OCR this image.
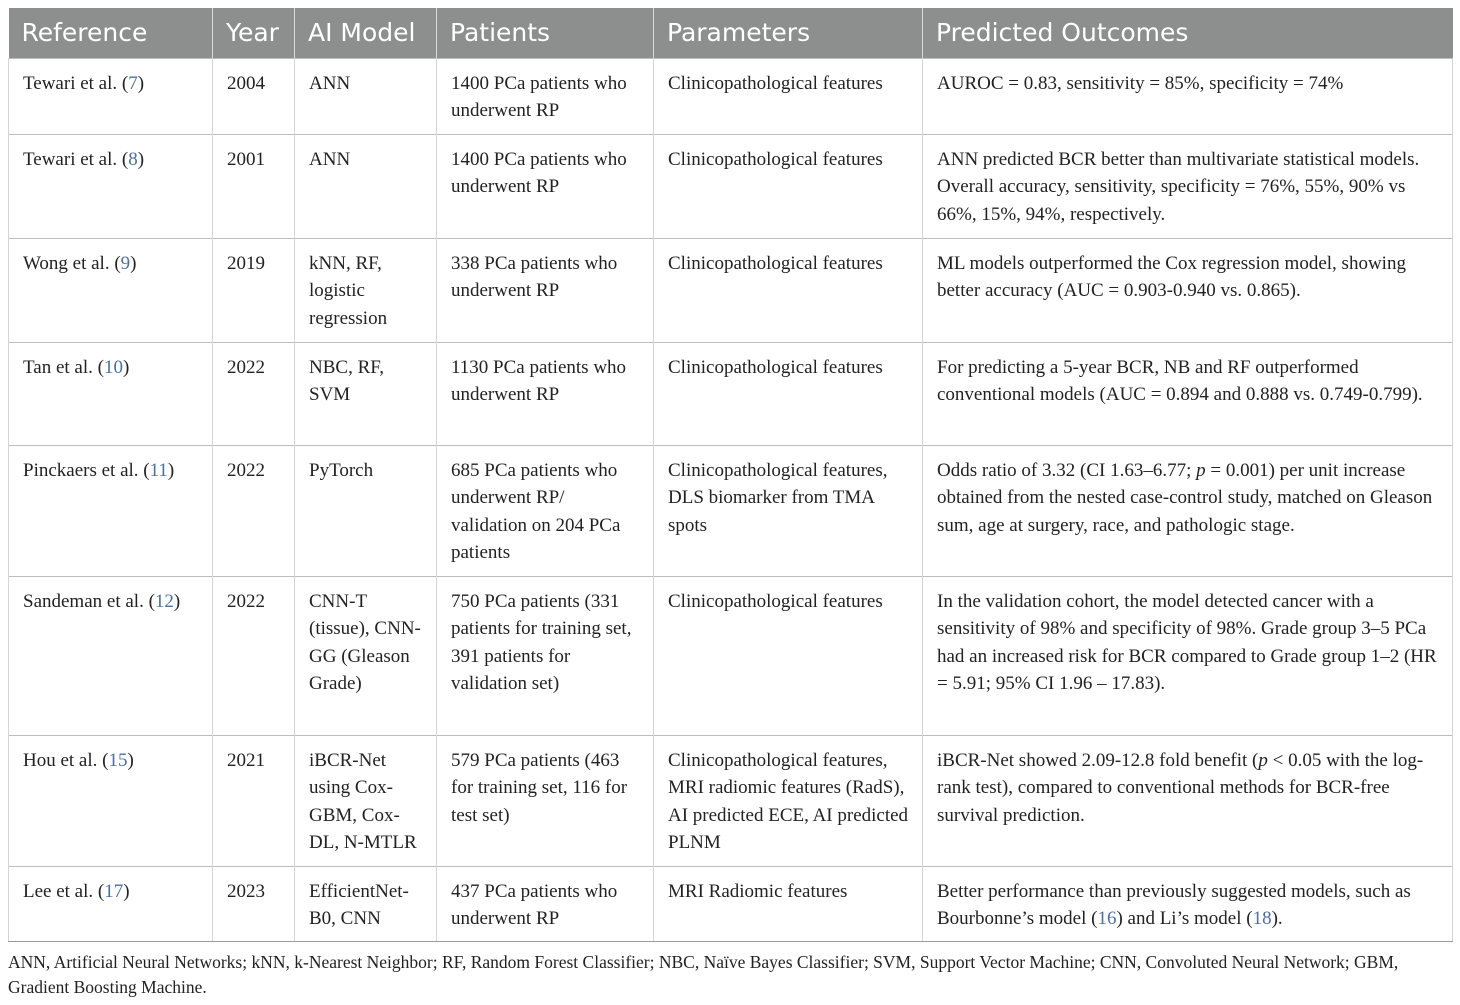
Reference	Year	AI Model	Patients	Parameters	Predicted Outcomes
Tewari et al. (7)	2004	ANN	1400 PCa patients who underwent RP	Clinicopathological features	AUROC = 0.83, sensitivity = 85%, specificity = 74%
Tewari et al. (8)	2001	ANN	1400 PCa patients who underwent RP	Clinicopathological features	ANN predicted BCR better than multivariate statistical models. Overall accuracy, sensitivity, specificity = 76%, 55%, 90% vs 66%, 15%, 94%, respectively.
Wong et al. (9)	2019	kNN, RF, logistic regression	338 PCa patients who underwent RP	Clinicopathological features	ML models outperformed the Cox regression model, showing better accuracy (AUC = 0.903-0.940 vs. 0.865).
Tan et al. (10)	2022	NBC, RF, SVM	1130 PCa patients who underwent RP	Clinicopathological features	For predicting a 5-year BCR, NB and RF outperformed conventional models (AUC = 0.894 and 0.888 vs. 0.749-0.799).
Pinckaers et al. (11)	2022	PyTorch	685 PCa patients who underwent RP/ validation on 204 PCa patients	Clinicopathological features, DLS biomarker from TMA spots	Odds ratio of 3.32 (CI 1.63–6.77; p = 0.001) per unit increase obtained from the nested case-control study, matched on Gleason sum, age at surgery, race, and pathologic stage.
Sandeman et al. (12)	2022	CNN-T (tissue), CNN-GG (Gleason Grade)	750 PCa patients (331 patients for training set, 391 patients for validation set)	Clinicopathological features	In the validation cohort, the model detected cancer with a sensitivity of 98% and specificity of 98%. Grade group 3–5 PCa had an increased risk for BCR compared to Grade group 1–2 (HR = 5.91; 95% CI 1.96 – 17.83).
Hou et al. (15)	2021	iBCR-Net using Cox-GBM, Cox-DL, N-MTLR	579 PCa patients (463 for training set, 116 for test set)	Clinicopathological features, MRI radiomic features (RadS), AI predicted ECE, AI predicted PLNM	iBCR-Net showed 2.09-12.8 fold benefit (p < 0.05 with the log-rank test), compared to conventional methods for BCR-free survival prediction.
Lee et al. (17)	2023	EfficientNet-B0, CNN	437 PCa patients who underwent RP	MRI Radiomic features	Better performance than previously suggested models, such as Bourbonne’s model (16) and Li’s model (18).
ANN, Artificial Neural Networks; kNN, k-Nearest Neighbor; RF, Random Forest Classifier; NBC, Naïve Bayes Classifier; SVM, Support Vector Machine; CNN, Convoluted Neural Network; GBM, Gradient Boosting Machine.
